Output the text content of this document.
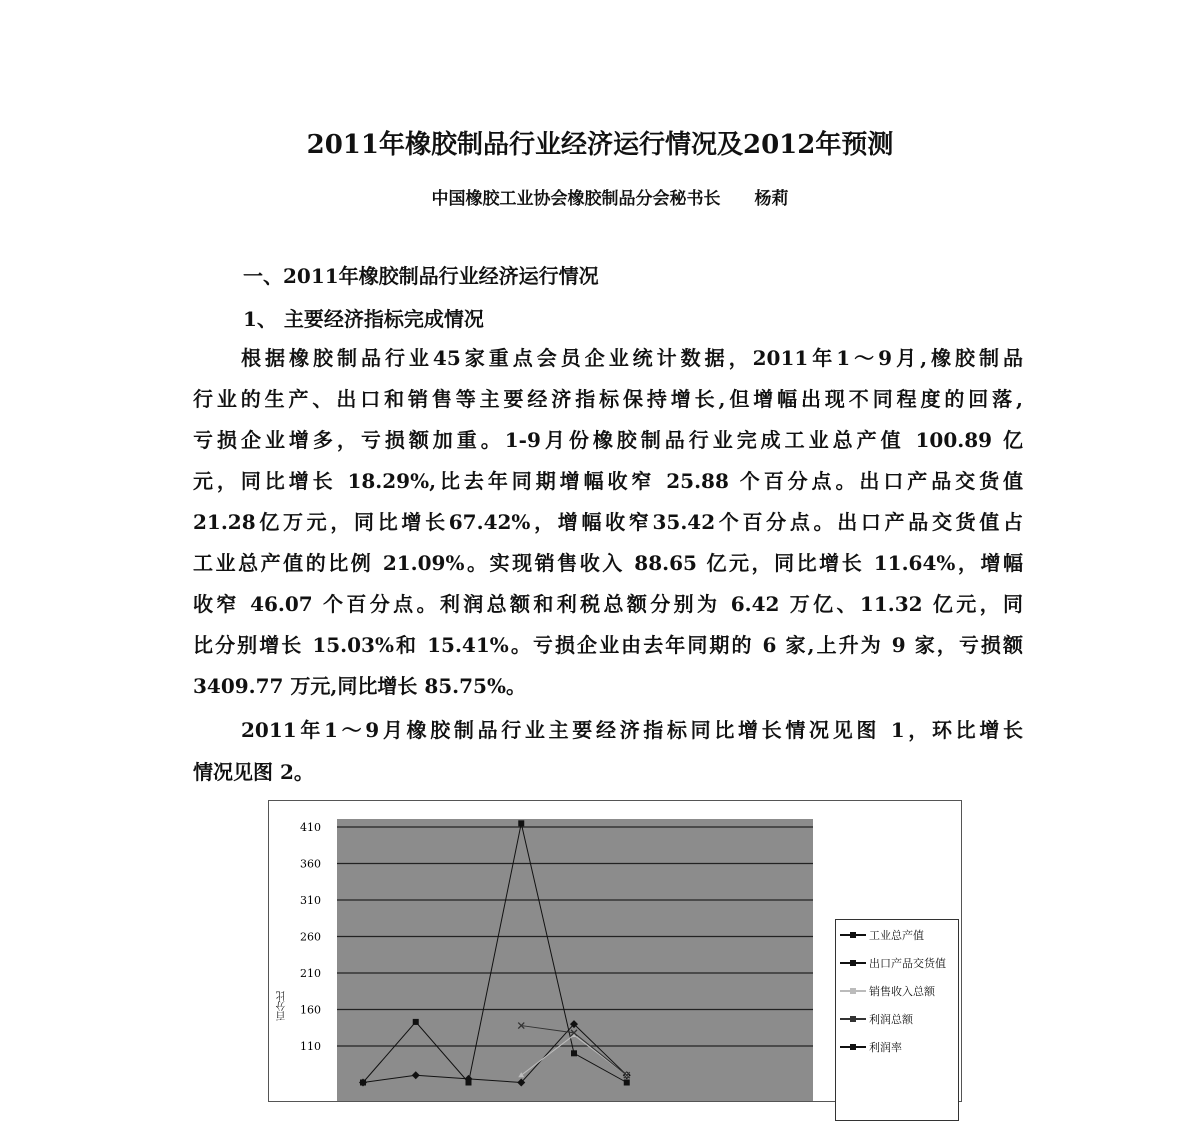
2011年橡胶制品行业经济运行情况及2012年预测
中国橡胶工业协会橡胶制品分会秘书长 杨莉
一、2011年橡胶制品行业经济运行情况
1、 主要经济指标完成情况
根据橡胶制品行业45家重点会员企业统计数据，2011年1～9月,橡胶制品
行业的生产、出口和销售等主要经济指标保持增长,但增幅出现不同程度的回落,
亏损企业增多，亏损额加重。1-9月份橡胶制品行业完成工业总产值 100.89 亿
元，同比增长 18.29%,比去年同期增幅收窄 25.88 个百分点。出口产品交货值
21.28亿万元，同比增长67.42%，增幅收窄35.42个百分点。出口产品交货值占
工业总产值的比例 21.09%。实现销售收入 88.65 亿元，同比增长 11.64%，增幅
收窄 46.07 个百分点。利润总额和利税总额分别为 6.42 万亿、11.32 亿元，同
比分别增长 15.03%和 15.41%。亏损企业由去年同期的 6 家,上升为 9 家，亏损额
3409.77 万元,同比增长 85.75%。
2011年1～9月橡胶制品行业主要经济指标同比增长情况见图 1，环比增长
情况见图 2。
110
160
210
260
310
360
410
百分比
工业总产值
出口产品交货值
销售收入总额
利润总额
利润率
